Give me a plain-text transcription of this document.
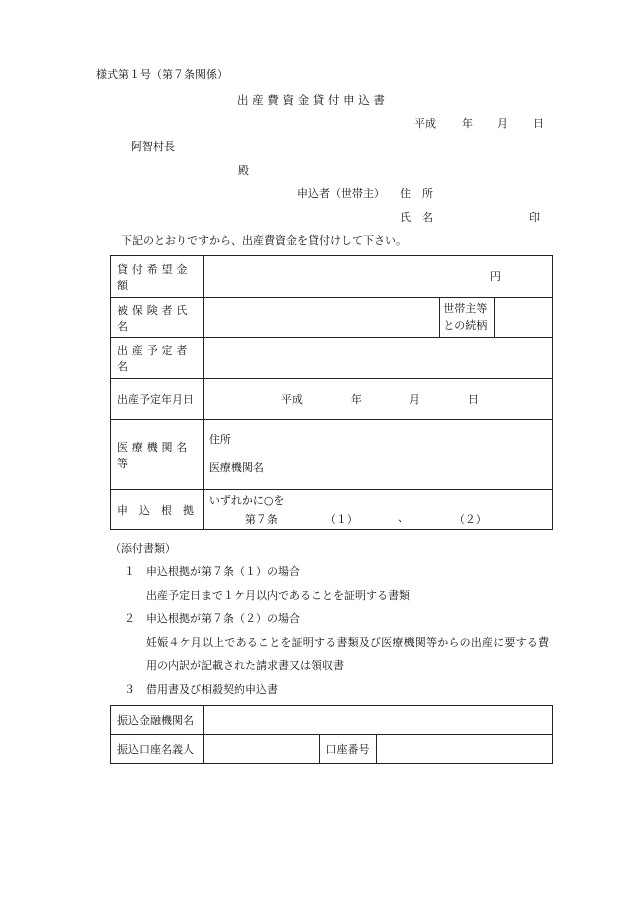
様式第１号（第７条関係）
出 産 費 資 金 貸 付 申 込 書
平成 年 月 日
阿智村長
殿
申込者（世帯主） 住　所
氏　名	印
下記のとおりですから、出産費資金を貸付けして下さい。
貸付希望金額	円		

被保険者氏名		世帯主等
との続柄	
出産予定者名			
出産予定年月日	平成 年 月 日		

医療機関名等	住所
医療機関名		

申　込　根　拠	いずれかに○を
第７条 （１） 、 （２）		
（添付書類）
１ 申込根拠が第７条（１）の場合
出産予定日まで１ケ月以内であることを証明する書類
２ 申込根拠が第７条（２）の場合
妊娠４ケ月以上であることを証明する書類及び医療機関等からの出産に要する費
用の内訳が記載された請求書又は領収書
３ 借用書及び相殺契約申込書
振込金融機関名			
振込口座名義人		口座番号	
